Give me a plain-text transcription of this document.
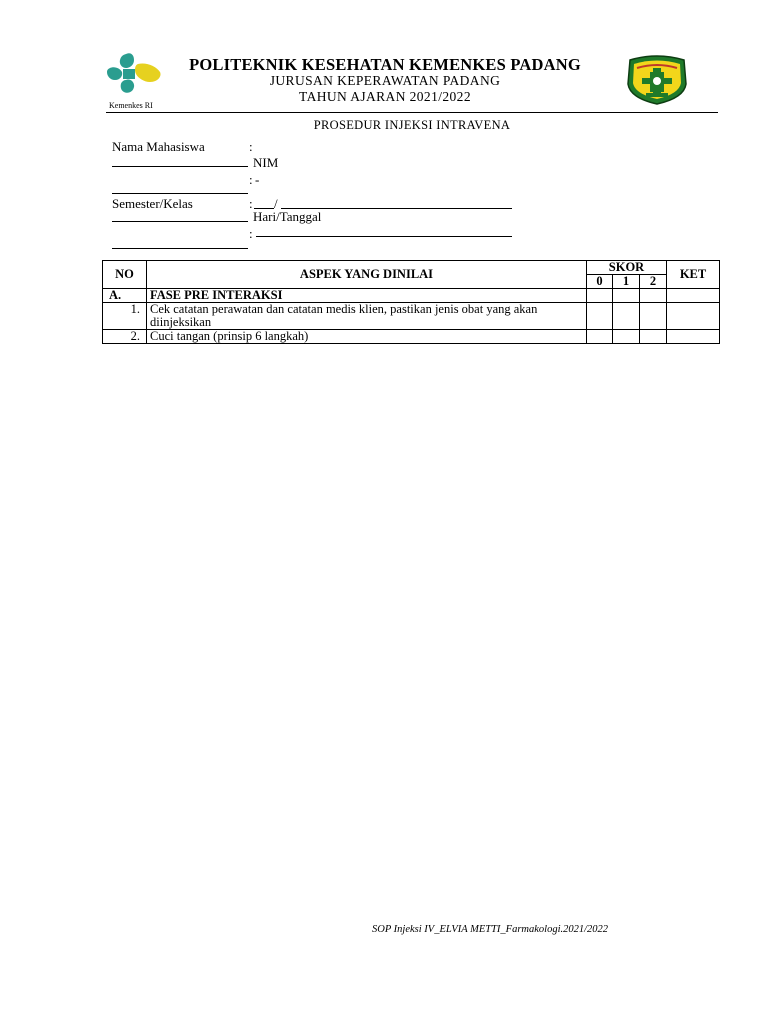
Kemenkes RI
POLITEKNIK KESEHATAN KEMENKES PADANG
JURUSAN KEPERAWATAN PADANG
TAHUN AJARAN 2021/2022
PROSEDUR INJEKSI INTRAVENA
Nama Mahasiswa	:
NIM
: -
Semester/Kelas	: /
Hari/Tanggal
:
NO	ASPEK YANG DINILAI	SKOR			KET
		0	1	2	
A.	FASE PRE INTERAKSI				
1.	Cek catatan perawatan dan catatan medis klien, pastikan jenis obat yang akan diinjeksikan				
2.	Cuci tangan (prinsip 6 langkah)				
SOP Injeksi IV_ELVIA METTI_Farmakologi.2021/2022
